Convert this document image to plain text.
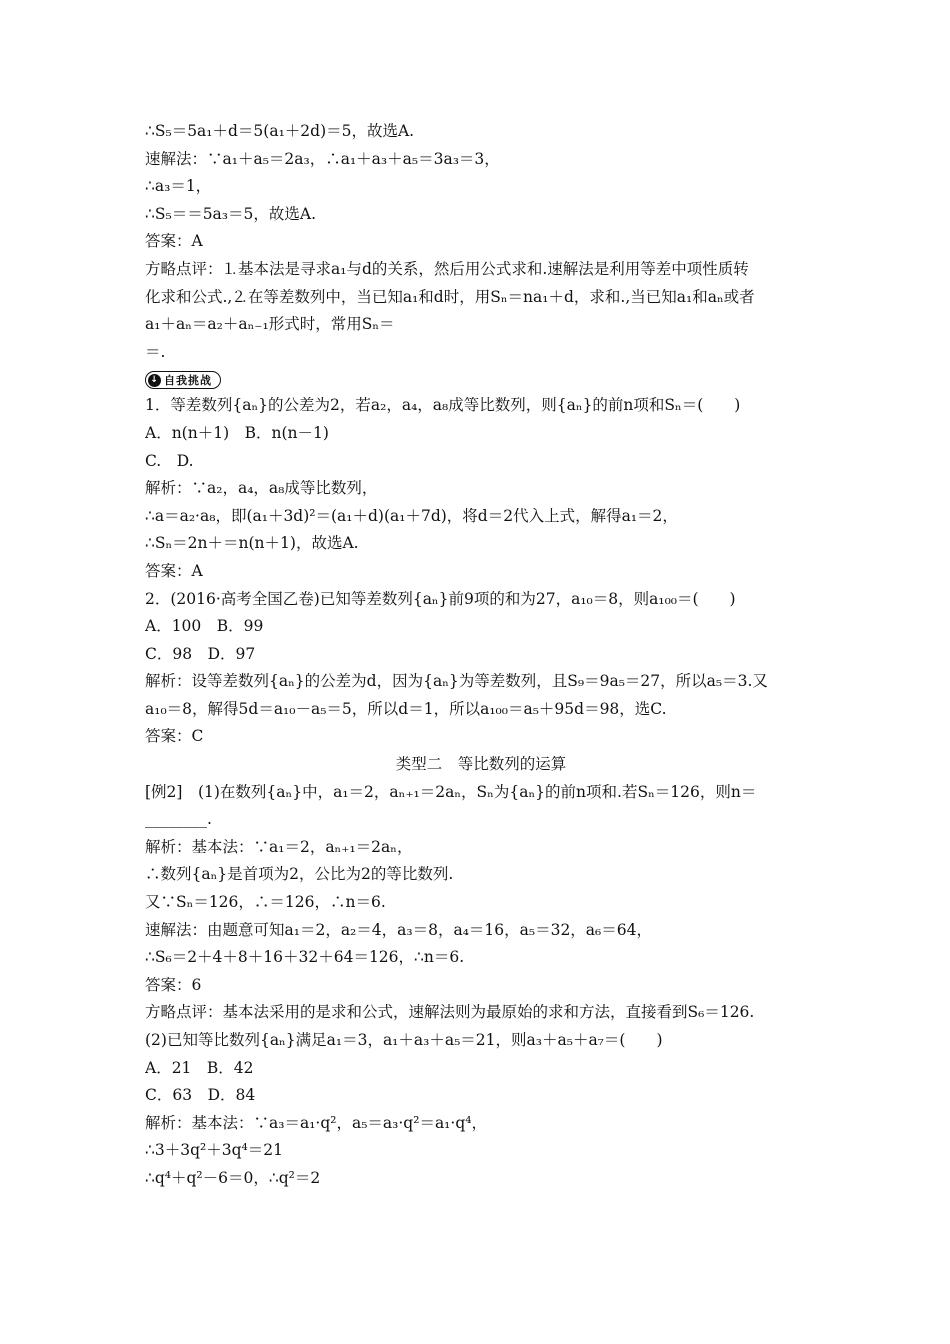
∴S₅＝5a₁＋d＝5(a₁＋2d)＝5，故选A.
速解法：∵a₁＋a₅＝2a₃，∴a₁＋a₃＋a₅＝3a₃＝3，
∴a₃＝1，
∴S₅＝＝5a₃＝5，故选A.
答案：A
方略点评：⒈基本法是寻求a₁与d的关系，然后用公式求和.速解法是利用等差中项性质转
化求和公式.,⒉在等差数列中，当已知a₁和d时，用Sₙ＝na₁＋d，求和.,当已知a₁和aₙ或者
a₁＋aₙ＝a₂＋aₙ₋₁形式时，常用Sₙ＝
＝.
↓ 自我挑战
1．等差数列{aₙ}的公差为2，若a₂，a₄，a₈成等比数列，则{aₙ}的前n项和Sₙ＝(　　)
A．n(n＋1)　B．n(n－1)
C.　D.
解析：∵a₂，a₄，a₈成等比数列，
∴a＝a₂·a₈，即(a₁＋3d)²＝(a₁＋d)(a₁＋7d)，将d＝2代入上式，解得a₁＝2，
∴Sₙ＝2n＋＝n(n＋1)，故选A.
答案：A
2．(2016·高考全国乙卷)已知等差数列{aₙ}前9项的和为27，a₁₀＝8，则a₁₀₀＝(　　)
A．100　B．99
C．98　D．97
解析：设等差数列{aₙ}的公差为d，因为{aₙ}为等差数列，且S₉＝9a₅＝27，所以a₅＝3.又
a₁₀＝8，解得5d＝a₁₀－a₅＝5，所以d＝1，所以a₁₀₀＝a₅＋95d＝98，选C.
答案：C
类型二　等比数列的运算
[例2]　(1)在数列{aₙ}中，a₁＝2，aₙ₊₁＝2aₙ，Sₙ为{aₙ}的前n项和.若Sₙ＝126，则n＝
________.
解析：基本法：∵a₁＝2，aₙ₊₁＝2aₙ，
∴数列{aₙ}是首项为2，公比为2的等比数列.
又∵Sₙ＝126，∴＝126，∴n＝6.
速解法：由题意可知a₁＝2，a₂＝4，a₃＝8，a₄＝16，a₅＝32，a₆＝64，
∴S₆＝2＋4＋8＋16＋32＋64＝126，∴n＝6.
答案：6
方略点评：基本法采用的是求和公式，速解法则为最原始的求和方法，直接看到S₆＝126.
(2)已知等比数列{aₙ}满足a₁＝3，a₁＋a₃＋a₅＝21，则a₃＋a₅＋a₇＝(　　)
A．21　B．42
C．63　D．84
解析：基本法：∵a₃＝a₁·q²，a₅＝a₃·q²＝a₁·q⁴，
∴3＋3q²＋3q⁴＝21
∴q⁴＋q²－6＝0，∴q²＝2
